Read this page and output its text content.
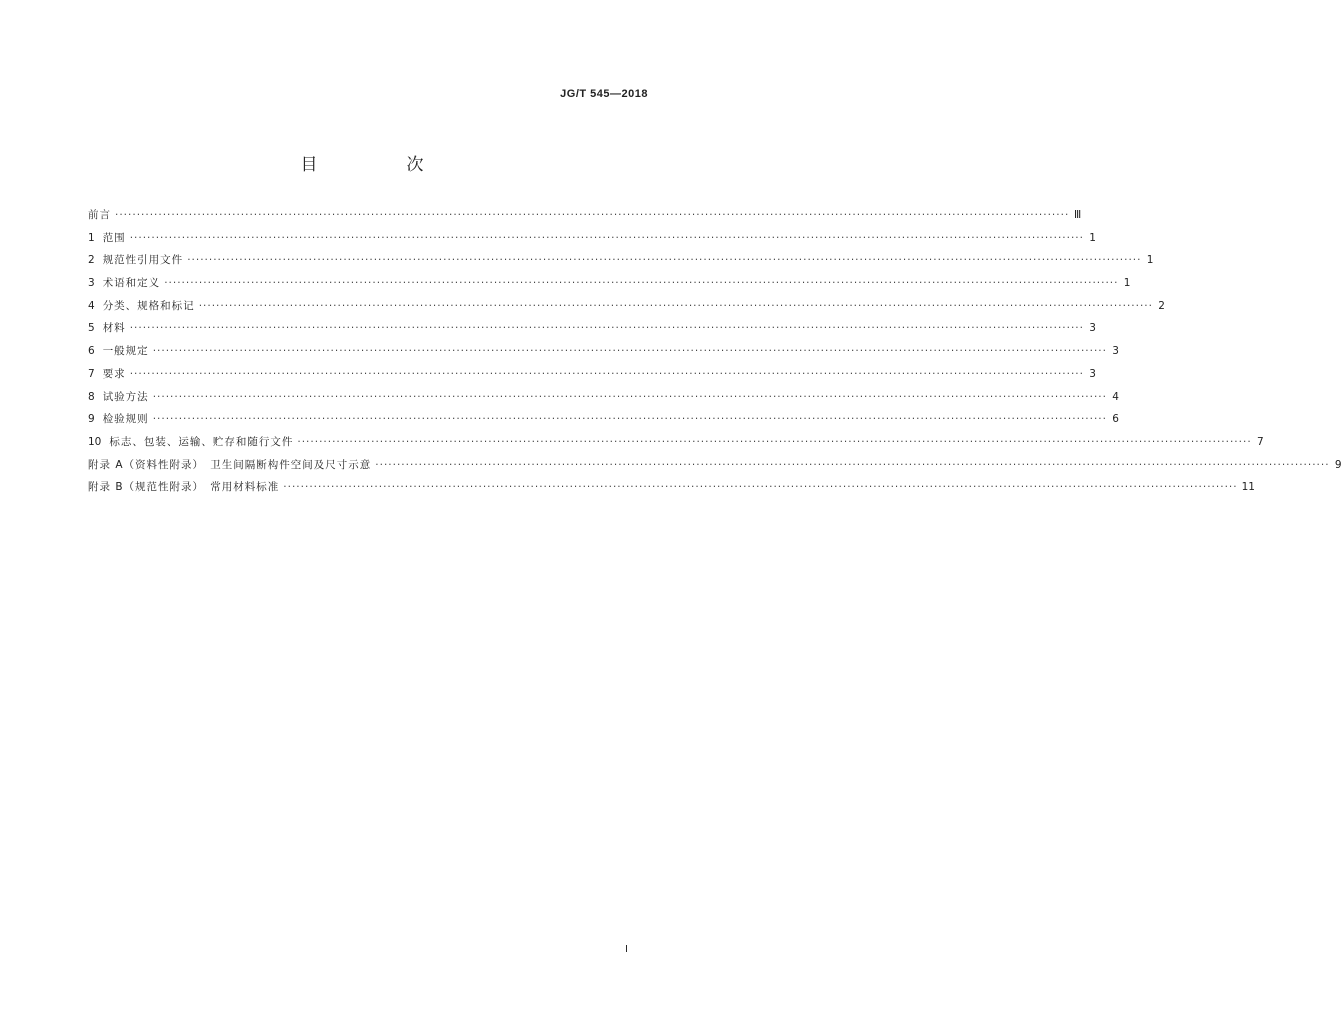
JG/T 545—2018
目　次
前言 ···························································································································································································································· Ⅲ
1 范围 ···························································································································································································································· 1
2 规范性引用文件 ···························································································································································································································· 1
3 术语和定义 ···························································································································································································································· 1
4 分类、规格和标记 ···························································································································································································································· 2
5 材料 ···························································································································································································································· 3
6 一般规定 ···························································································································································································································· 3
7 要求 ···························································································································································································································· 3
8 试验方法 ···························································································································································································································· 4
9 检验规则 ···························································································································································································································· 6
10 标志、包装、运输、贮存和随行文件 ···························································································································································································································· 7
附录 A（资料性附录）　卫生间隔断构件空间及尺寸示意 ···························································································································································································································· 9
附录 B（规范性附录）　常用材料标准 ···························································································································································································································· 11
Ⅰ
